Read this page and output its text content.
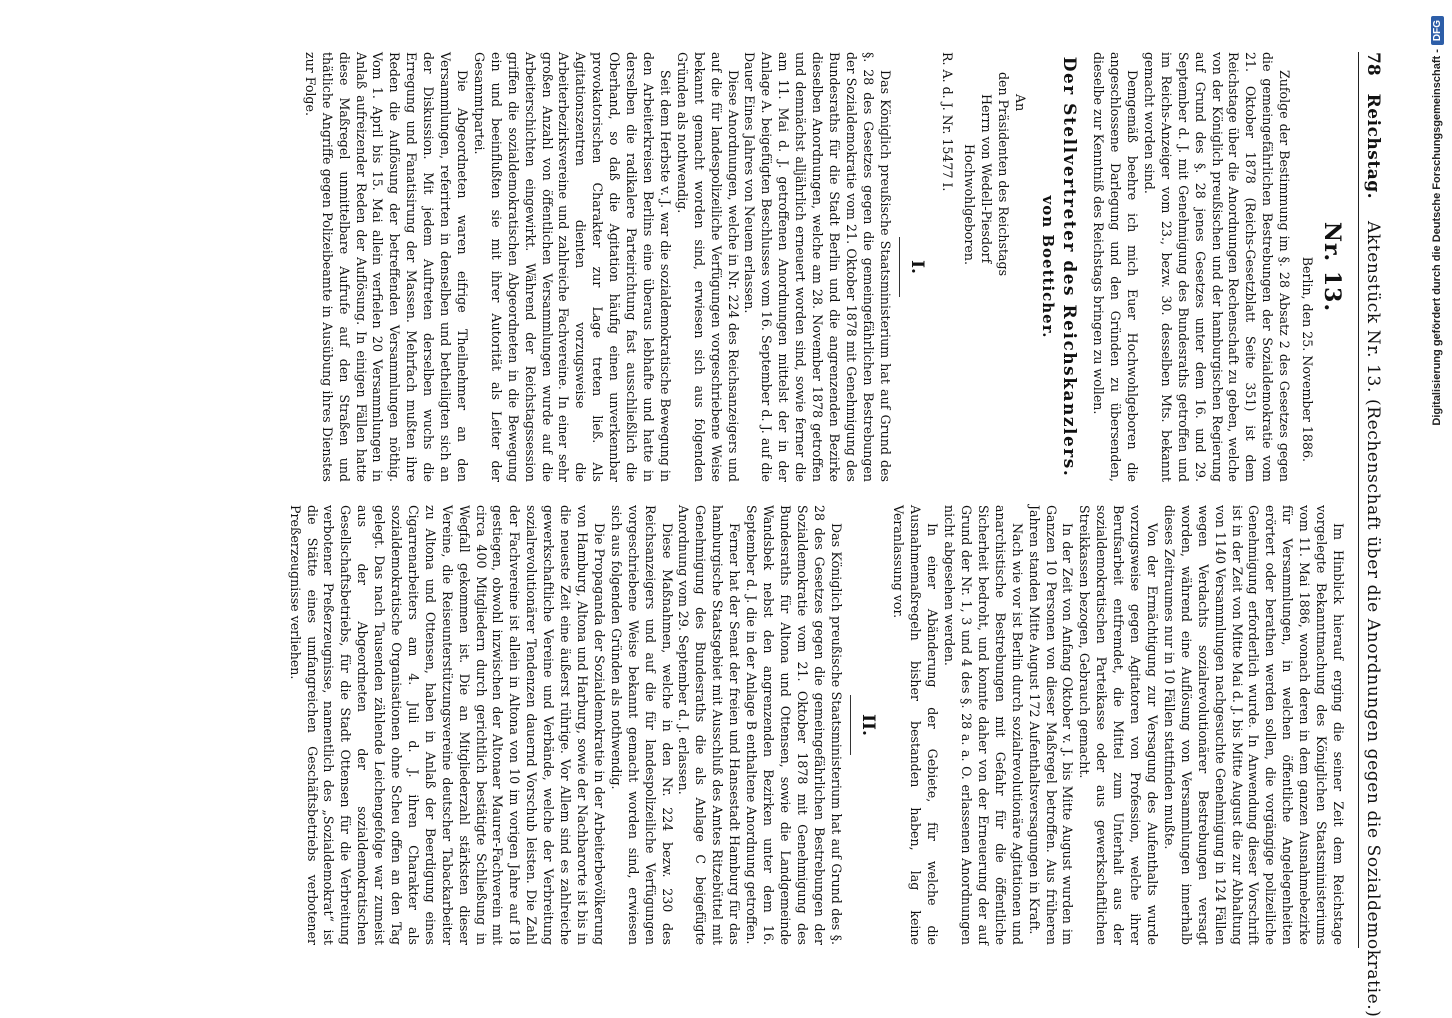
78
Reichstag.
Aktenstück Nr. 13. (Rechenschaft über die Anordnungen gegen die Sozialdemokratie.)
Nr. 13.
Berlin, den 25. November 1886.

Zufolge der Bestimmung im §. 28 Absatz 2 des Gesetzes gegen die gemeingefährlichen Bestrebungen der Sozialdemokratie vom 21. Oktober 1878 (Reichs-Gesetzblatt Seite 351) ist dem Reichstage über die Anordnungen Rechenschaft zu geben, welche von der Königlich preußischen und der hamburgischen Regierung auf Grund des §. 28 jenes Gesetzes unter dem 16. und 29. September d. J. mit Genehmigung des Bundesraths getroffen und im Reichs-Anzeiger vom 23., bezw. 30. desselben Mts. bekannt gemacht worden sind.

Demgemäß beehre ich mich Euer Hochwohlgeboren die angeschlossene Darlegung und den Gründen zu übersenden, dieselbe zur Kenntniß des Reichstags bringen zu wollen.

Der Stellvertreter des Reichskanzlers.
von Boetticher.
An
den Präsidenten des Reichstags
Herrn von Wedell-Piesdorf
Hochwohlgeboren.
R. A. d. J. Nr. 15477 I.
I.

Das Königlich preußische Staatsministerium hat auf Grund des §. 28 des Gesetzes gegen die gemeingefährlichen Bestrebungen der Sozialdemokratie vom 21. Oktober 1878 mit Genehmigung des Bundesraths für die Stadt Berlin und die angrenzenden Bezirke dieselben Anordnungen, welche am 28. November 1878 getroffen und demnächst alljährlich erneuert worden sind, sowie ferner die am 11. Mai d. J. getroffenen Anordnungen mittelst der in der Anlage A. beigefügten Beschlusses vom 16. September d. J. auf die Dauer Eines Jahres von Neuem erlassen.

Diese Anordnungen, welche in Nr. 224 des Reichsanzeigers und auf die für landespolizeiliche Verfügungen vorgeschriebene Weise bekannt gemacht worden sind, erwiesen sich aus folgenden Gründen als nothwendig.

Seit dem Herbste v. J. war die sozialdemokratische Bewegung in den Arbeiterkreisen Berlins eine überaus lebhafte und hatte in derselben die radikalere Parteirichtung fast ausschließlich die Oberhand, so daß die Agitation häufig einen unverkennbar provokatorischen Charakter zur Lage treten ließ. Als Agitationszentren dienten vorzugsweise die Arbeiterbezirksvereine und zahlreiche Fachvereine. In einer sehr großen Anzahl von öffentlichen Versammlungen wurde auf die Arbeiterschichten eingewirkt. Während der Reichstagssession griffen die sozialdemokratischen Abgeordneten in die Bewegung ein und beeinflußten sie mit ihrer Autorität als Leiter der Gesammtpartei.

Die Abgeordneten waren eifrige Theilnehmer an den Versammlungen, referirten in denselben und betheiligten sich an der Diskussion. Mit jedem Auftreten derselben wuchs die Erregung und Fanatisirung der Massen. Mehrfach mußten ihre Reden die Auflösung der betreffenden Versammlungen nöthig. Vom 1. April bis 15. Mai allein verfielen 20 Versammlungen in Anlaß aufreizender Reden der Auflösung. In einigen Fällen hatte diese Maßregel unmittelbare Aufrufe auf den Straßen und thätliche Angriffe gegen Polizeibeamte in Ausübung ihres Dienstes zur Folge.

Im Hinblick hierauf erging die seiner Zeit dem Reichstage vorgelegte Bekanntmachung des Königlichen Staatsministeriums vom 11. Mai 1886, wonach deren in dem ganzen Ausnahmebezirke für Versammlungen, in welchen öffentliche Angelegenheiten erörtert oder berathen werden sollen, die vorgängige polizeiliche Genehmigung erforderlich wurde. In Anwendung dieser Vorschrift ist in der Zeit von Mitte Mai d. J. bis Mitte August die zur Abhaltung von 1140 Versammlungen nachgesuchte Genehmigung in 124 Fällen wegen Verdachts sozialrevolutionärer Bestrebungen versagt worden, während eine Auflösung von Versammlungen innerhalb dieses Zeitraumes nur in 10 Fällen stattfinden mußte.

Von der Ermächtigung zur Versagung des Aufenthalts wurde vorzugsweise gegen Agitatoren von Profession, welche ihrer Berufsarbeit entfremdet, die Mittel zum Unterhalt aus der sozialdemokratischen Parteikasse oder aus gewerkschaftlichen Streikkassen bezogen, Gebrauch gemacht.

In der Zeit von Anfang Oktober v. J. bis Mitte August wurden im Ganzen 10 Personen von dieser Maßregel betroffen. Aus früheren Jahren standen Mitte August 172 Aufenthaltsversagungen in Kraft.

Nach wie vor ist Berlin durch sozialrevolutionäre Agitationen und anarchistische Bestrebungen mit Gefahr für die öffentliche Sicherheit bedroht, und konnte daher von der Erneuerung der auf Grund der Nr. 1, 3 und 4 des §. 28 a. a. O. erlassenen Anordnungen nicht abgesehen werden.

In einer Abänderung der Gebiete, für welche die Ausnahmemaßregeln bisher bestanden haben, lag keine Veranlassung vor.

II.

Das Königlich preußische Staatsministerium hat auf Grund des §. 28 des Gesetzes gegen die gemeingefährlichen Bestrebungen der Sozialdemokratie vom 21. Oktober 1878 mit Genehmigung des Bundesraths für Altona und Ottensen, sowie die Landgemeinde Wandsbek nebst den angrenzenden Bezirken unter dem 16. September d. J. die in der Anlage B enthaltene Anordnung getroffen.

Ferner hat der Senat der freien und Hansestadt Hamburg für das hamburgische Staatsgebiet mit Ausschluß des Amtes Ritzebüttel mit Genehmigung des Bundesraths die als Anlage C beigefügte Anordnung vom 29. September d. J. erlassen.

Diese Maßnahmen, welche in den Nr. 224 bezw. 230 des Reichsanzeigers und auf die für landespolizeiliche Verfügungen vorgeschriebene Weise bekannt gemacht worden sind, erwiesen sich aus folgenden Gründen als nothwendig.

Die Propaganda der Sozialdemokratie in der Arbeiterbevölkerung von Hamburg, Altona und Harburg, sowie der Nachbarorte ist bis in die neueste Zeit eine äußerst rührige. Vor Allem sind es zahlreiche gewerkschaftliche Vereine und Verbände, welche der Verbreitung sozialrevolutionärer Tendenzen dauernd Vorschub leisten. Die Zahl der Fachvereine ist allein in Altona von 10 im vorigen Jahre auf 18 gestiegen, obwohl inzwischen der Altonaer Maurer-Fachverein mit circa 400 Mitgliedern durch gerichtlich bestätigte Schließung in Wegfall gekommen ist. Die an Mitgliederzahl stärksten dieser Vereine, die Reiseunterstützungsvereine deutscher Tabackarbeiter zu Altona und Ottensen, haben in Anlaß der Beerdigung eines Cigarrenarbeiters am 4. Juli d. J. ihren Charakter als sozialdemokratische Organisationen ohne Scheu offen an den Tag gelegt. Das nach Tausenden zählende Leichengefolge war zumeist aus der Abgeordneten der sozialdemokratischen Gesellschaftsbetriebs, für die Stadt Ottensen für die Verbreitung verbotener Preßerzeugnisse, namentlich des „Sozialdemokrat“ ist die Stätte eines umfangreichen Geschäftsbetriebs verbotener Preßerzeugnisse verliehen.

Digitalisierung gefördert durch die Deutsche Forschungsgemeinschaft -
DFG
